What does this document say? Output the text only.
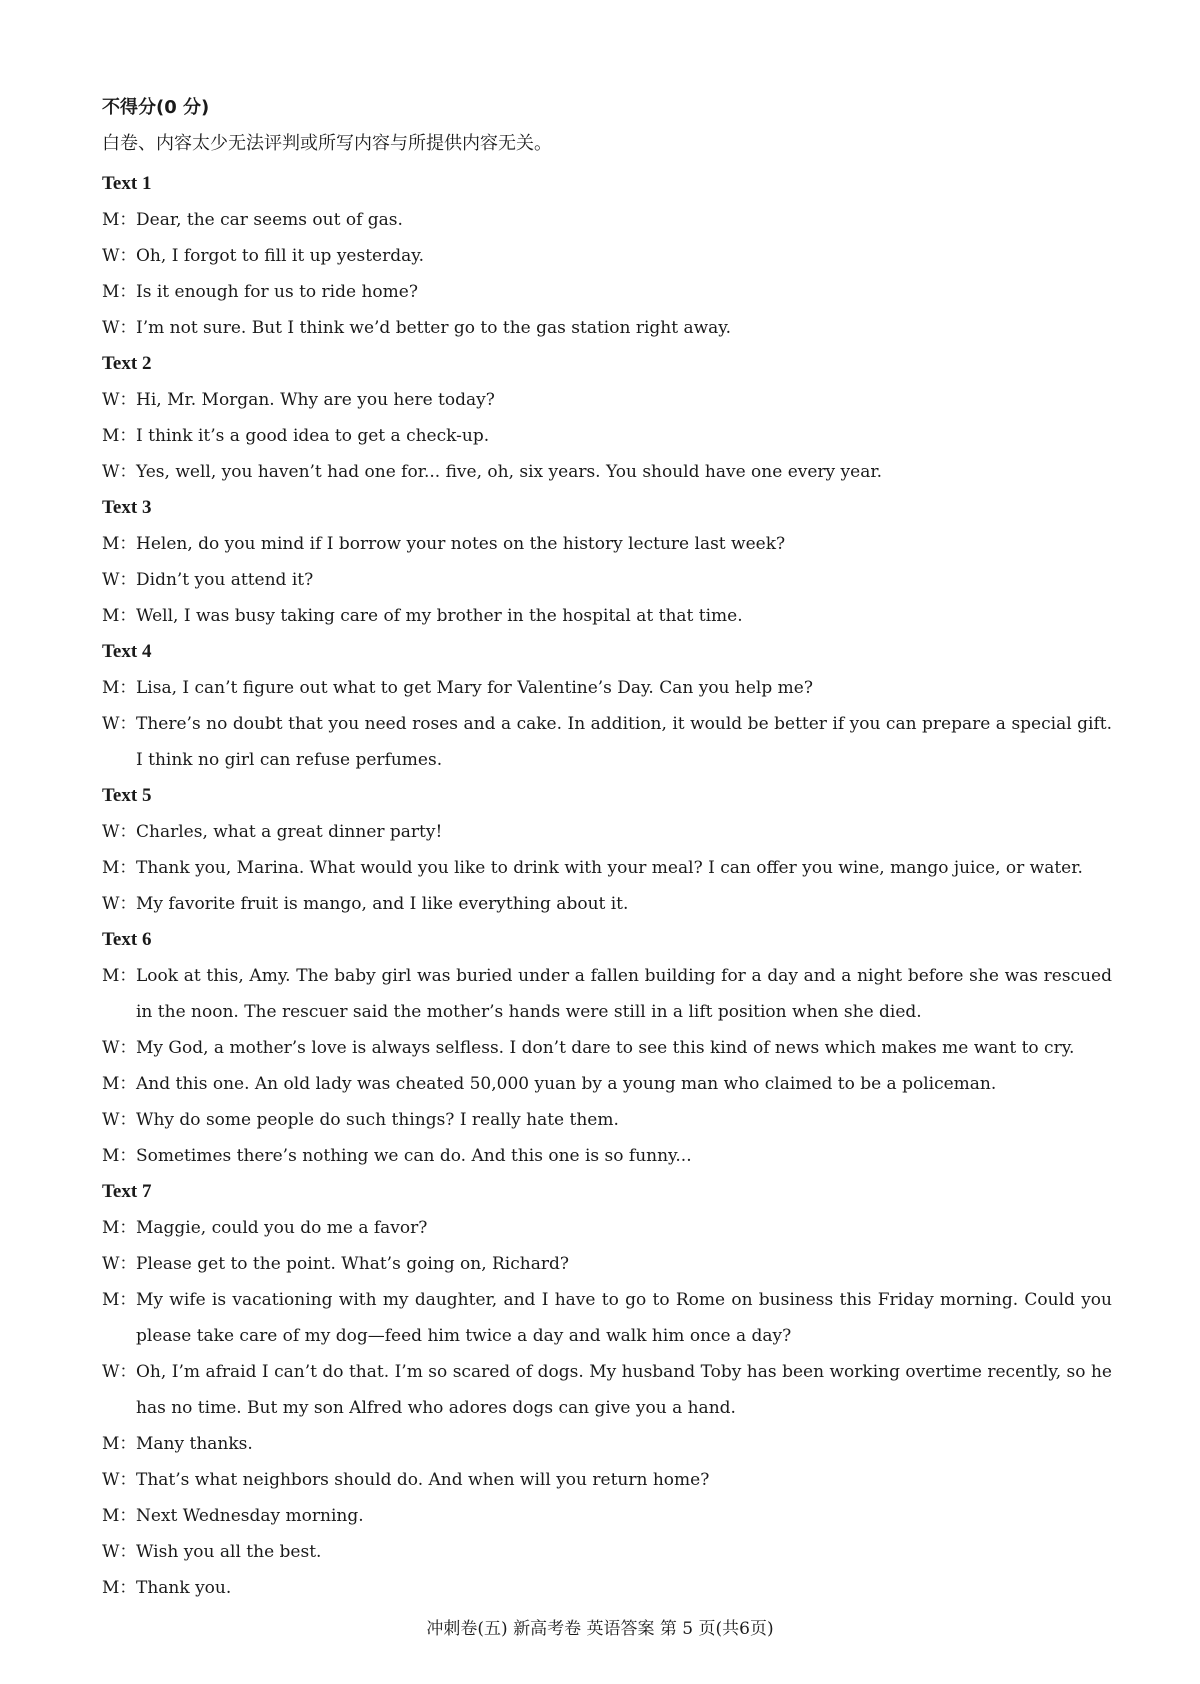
不得分(0 分)
白卷、内容太少无法评判或所写内容与所提供内容无关。
Text 1
M： Dear, the car seems out of gas.
W： Oh, I forgot to fill it up yesterday.
M： Is it enough for us to ride home?
W： I’m not sure. But I think we’d better go to the gas station right away.
Text 2
W： Hi, Mr. Morgan. Why are you here today?
M： I think it’s a good idea to get a check-up.
W： Yes, well, you haven’t had one for... five, oh, six years. You should have one every year.
Text 3
M： Helen, do you mind if I borrow your notes on the history lecture last week?
W： Didn’t you attend it?
M： Well, I was busy taking care of my brother in the hospital at that time.
Text 4
M： Lisa, I can’t figure out what to get Mary for Valentine’s Day. Can you help me?
W： There’s no doubt that you need roses and a cake. In addition, it would be better if you can prepare a special gift. I think no girl can refuse perfumes.
Text 5
W： Charles, what a great dinner party!
M： Thank you, Marina. What would you like to drink with your meal? I can offer you wine, mango juice, or water.
W： My favorite fruit is mango, and I like everything about it.
Text 6
M： Look at this, Amy. The baby girl was buried under a fallen building for a day and a night before she was rescued in the noon. The rescuer said the mother’s hands were still in a lift position when she died.
W： My God, a mother’s love is always selfless. I don’t dare to see this kind of news which makes me want to cry.
M： And this one. An old lady was cheated 50,000 yuan by a young man who claimed to be a policeman.
W： Why do some people do such things? I really hate them.
M： Sometimes there’s nothing we can do. And this one is so funny...
Text 7
M： Maggie, could you do me a favor?
W： Please get to the point. What’s going on, Richard?
M： My wife is vacationing with my daughter, and I have to go to Rome on business this Friday morning. Could you please take care of my dog—feed him twice a day and walk him once a day?
W： Oh, I’m afraid I can’t do that. I’m so scared of dogs. My husband Toby has been working overtime recently, so he has no time. But my son Alfred who adores dogs can give you a hand.
M： Many thanks.
W： That’s what neighbors should do. And when will you return home?
M： Next Wednesday morning.
W： Wish you all the best.
M： Thank you.
冲刺卷(五) 新高考卷 英语答案 第 5 页(共6页)
